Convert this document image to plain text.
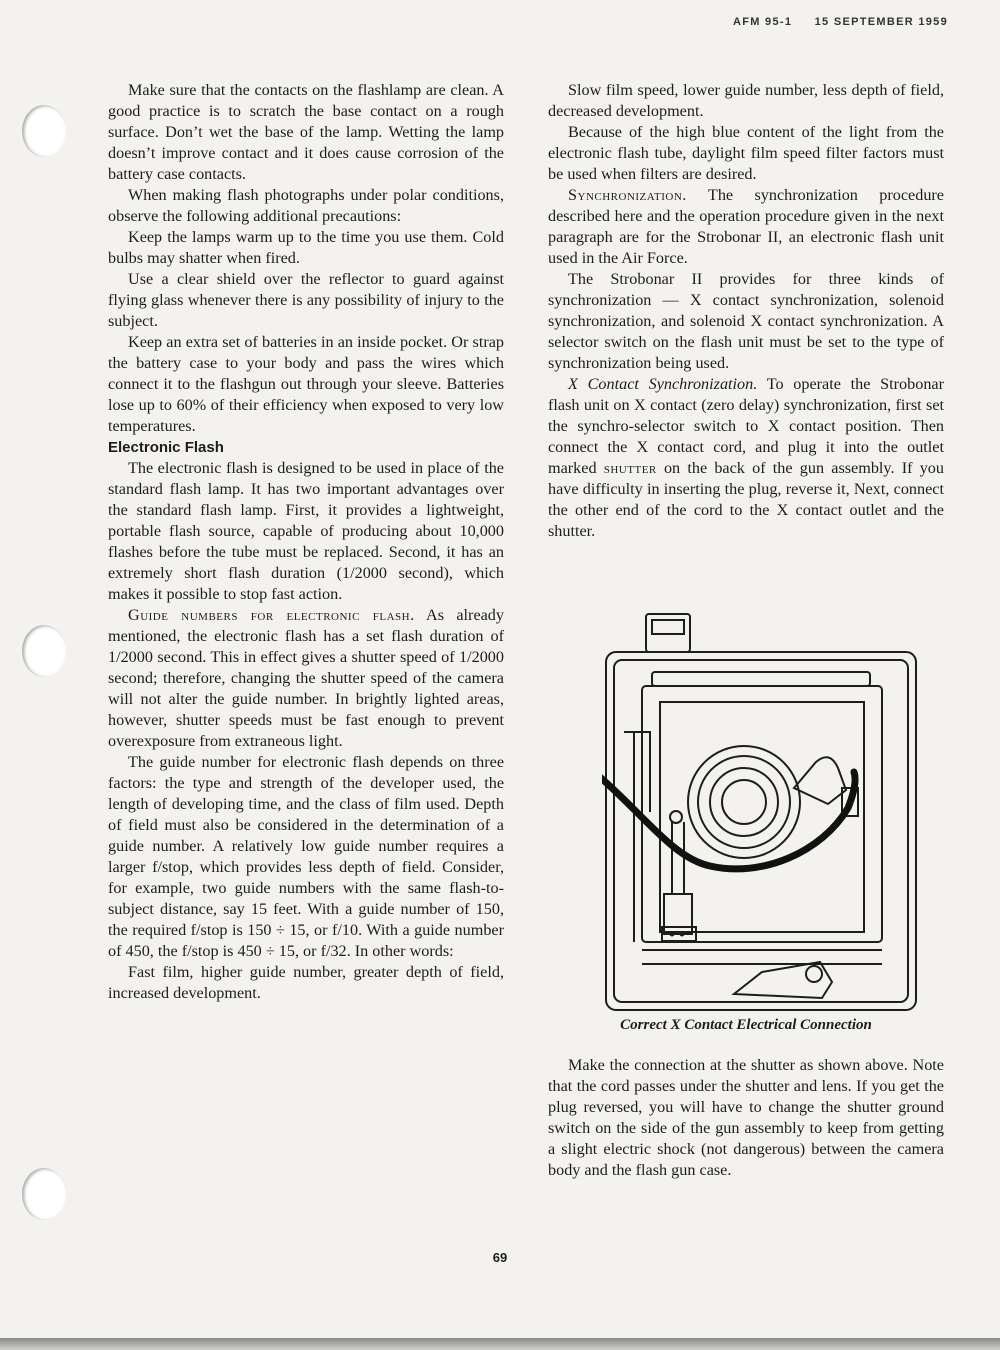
AFM 95-1 15 SEPTEMBER 1959

Make sure that the contacts on the flashlamp are clean. A good practice is to scratch the base contact on a rough surface. Don’t wet the base of the lamp. Wetting the lamp doesn’t improve contact and it does cause corrosion of the battery case contacts.

When making flash photographs under polar conditions, observe the following additional precautions:

Keep the lamps warm up to the time you use them. Cold bulbs may shatter when fired.

Use a clear shield over the reflector to guard against flying glass whenever there is any possibility of injury to the subject.

Keep an extra set of batteries in an inside pocket. Or strap the battery case to your body and pass the wires which connect it to the flashgun out through your sleeve. Batteries lose up to 60% of their efficiency when exposed to very low temperatures.

Electronic Flash

The electronic flash is designed to be used in place of the standard flash lamp. It has two important advantages over the standard flash lamp. First, it provides a lightweight, portable flash source, capable of producing about 10,000 flashes before the tube must be replaced. Second, it has an extremely short flash duration (1/2000 second), which makes it possible to stop fast action.

Guide numbers for electronic flash. As already mentioned, the electronic flash has a set flash duration of 1/2000 second. This in effect gives a shutter speed of 1/2000 second; therefore, changing the shutter speed of the camera will not alter the guide number. In brightly lighted areas, however, shutter speeds must be fast enough to prevent overexposure from extraneous light.

The guide number for electronic flash depends on three factors: the type and strength of the developer used, the length of developing time, and the class of film used. Depth of field must also be considered in the determination of a guide number. A relatively low guide number requires a larger f/stop, which provides less depth of field. Consider, for example, two guide numbers with the same flash-to-subject distance, say 15 feet. With a guide number of 150, the required f/stop is 150 ÷ 15, or f/10. With a guide number of 450, the f/stop is 450 ÷ 15, or f/32. In other words:

Fast film, higher guide number, greater depth of field, increased development.

Slow film speed, lower guide number, less depth of field, decreased development.

Because of the high blue content of the light from the electronic flash tube, daylight film speed filter factors must be used when filters are desired.

Synchronization. The synchronization procedure described here and the operation procedure given in the next paragraph are for the Strobonar II, an electronic flash unit used in the Air Force.

The Strobonar II provides for three kinds of synchronization — X contact synchronization, solenoid synchronization, and solenoid X contact synchronization. A selector switch on the flash unit must be set to the type of synchronization being used.

X Contact Synchronization. To operate the Strobonar flash unit on X contact (zero delay) synchronization, first set the synchro-selector switch to X contact position. Then connect the X contact cord, and plug it into the outlet marked shutter on the back of the gun assembly. If you have difficulty in inserting the plug, reverse it, Next, connect the other end of the cord to the X contact outlet and the shutter.

Correct X Contact Electrical Connection

Make the connection at the shutter as shown above. Note that the cord passes under the shutter and lens. If you get the plug reversed, you will have to change the shutter ground switch on the side of the gun assembly to keep from getting a slight electric shock (not dangerous) between the camera body and the flash gun case.

69
